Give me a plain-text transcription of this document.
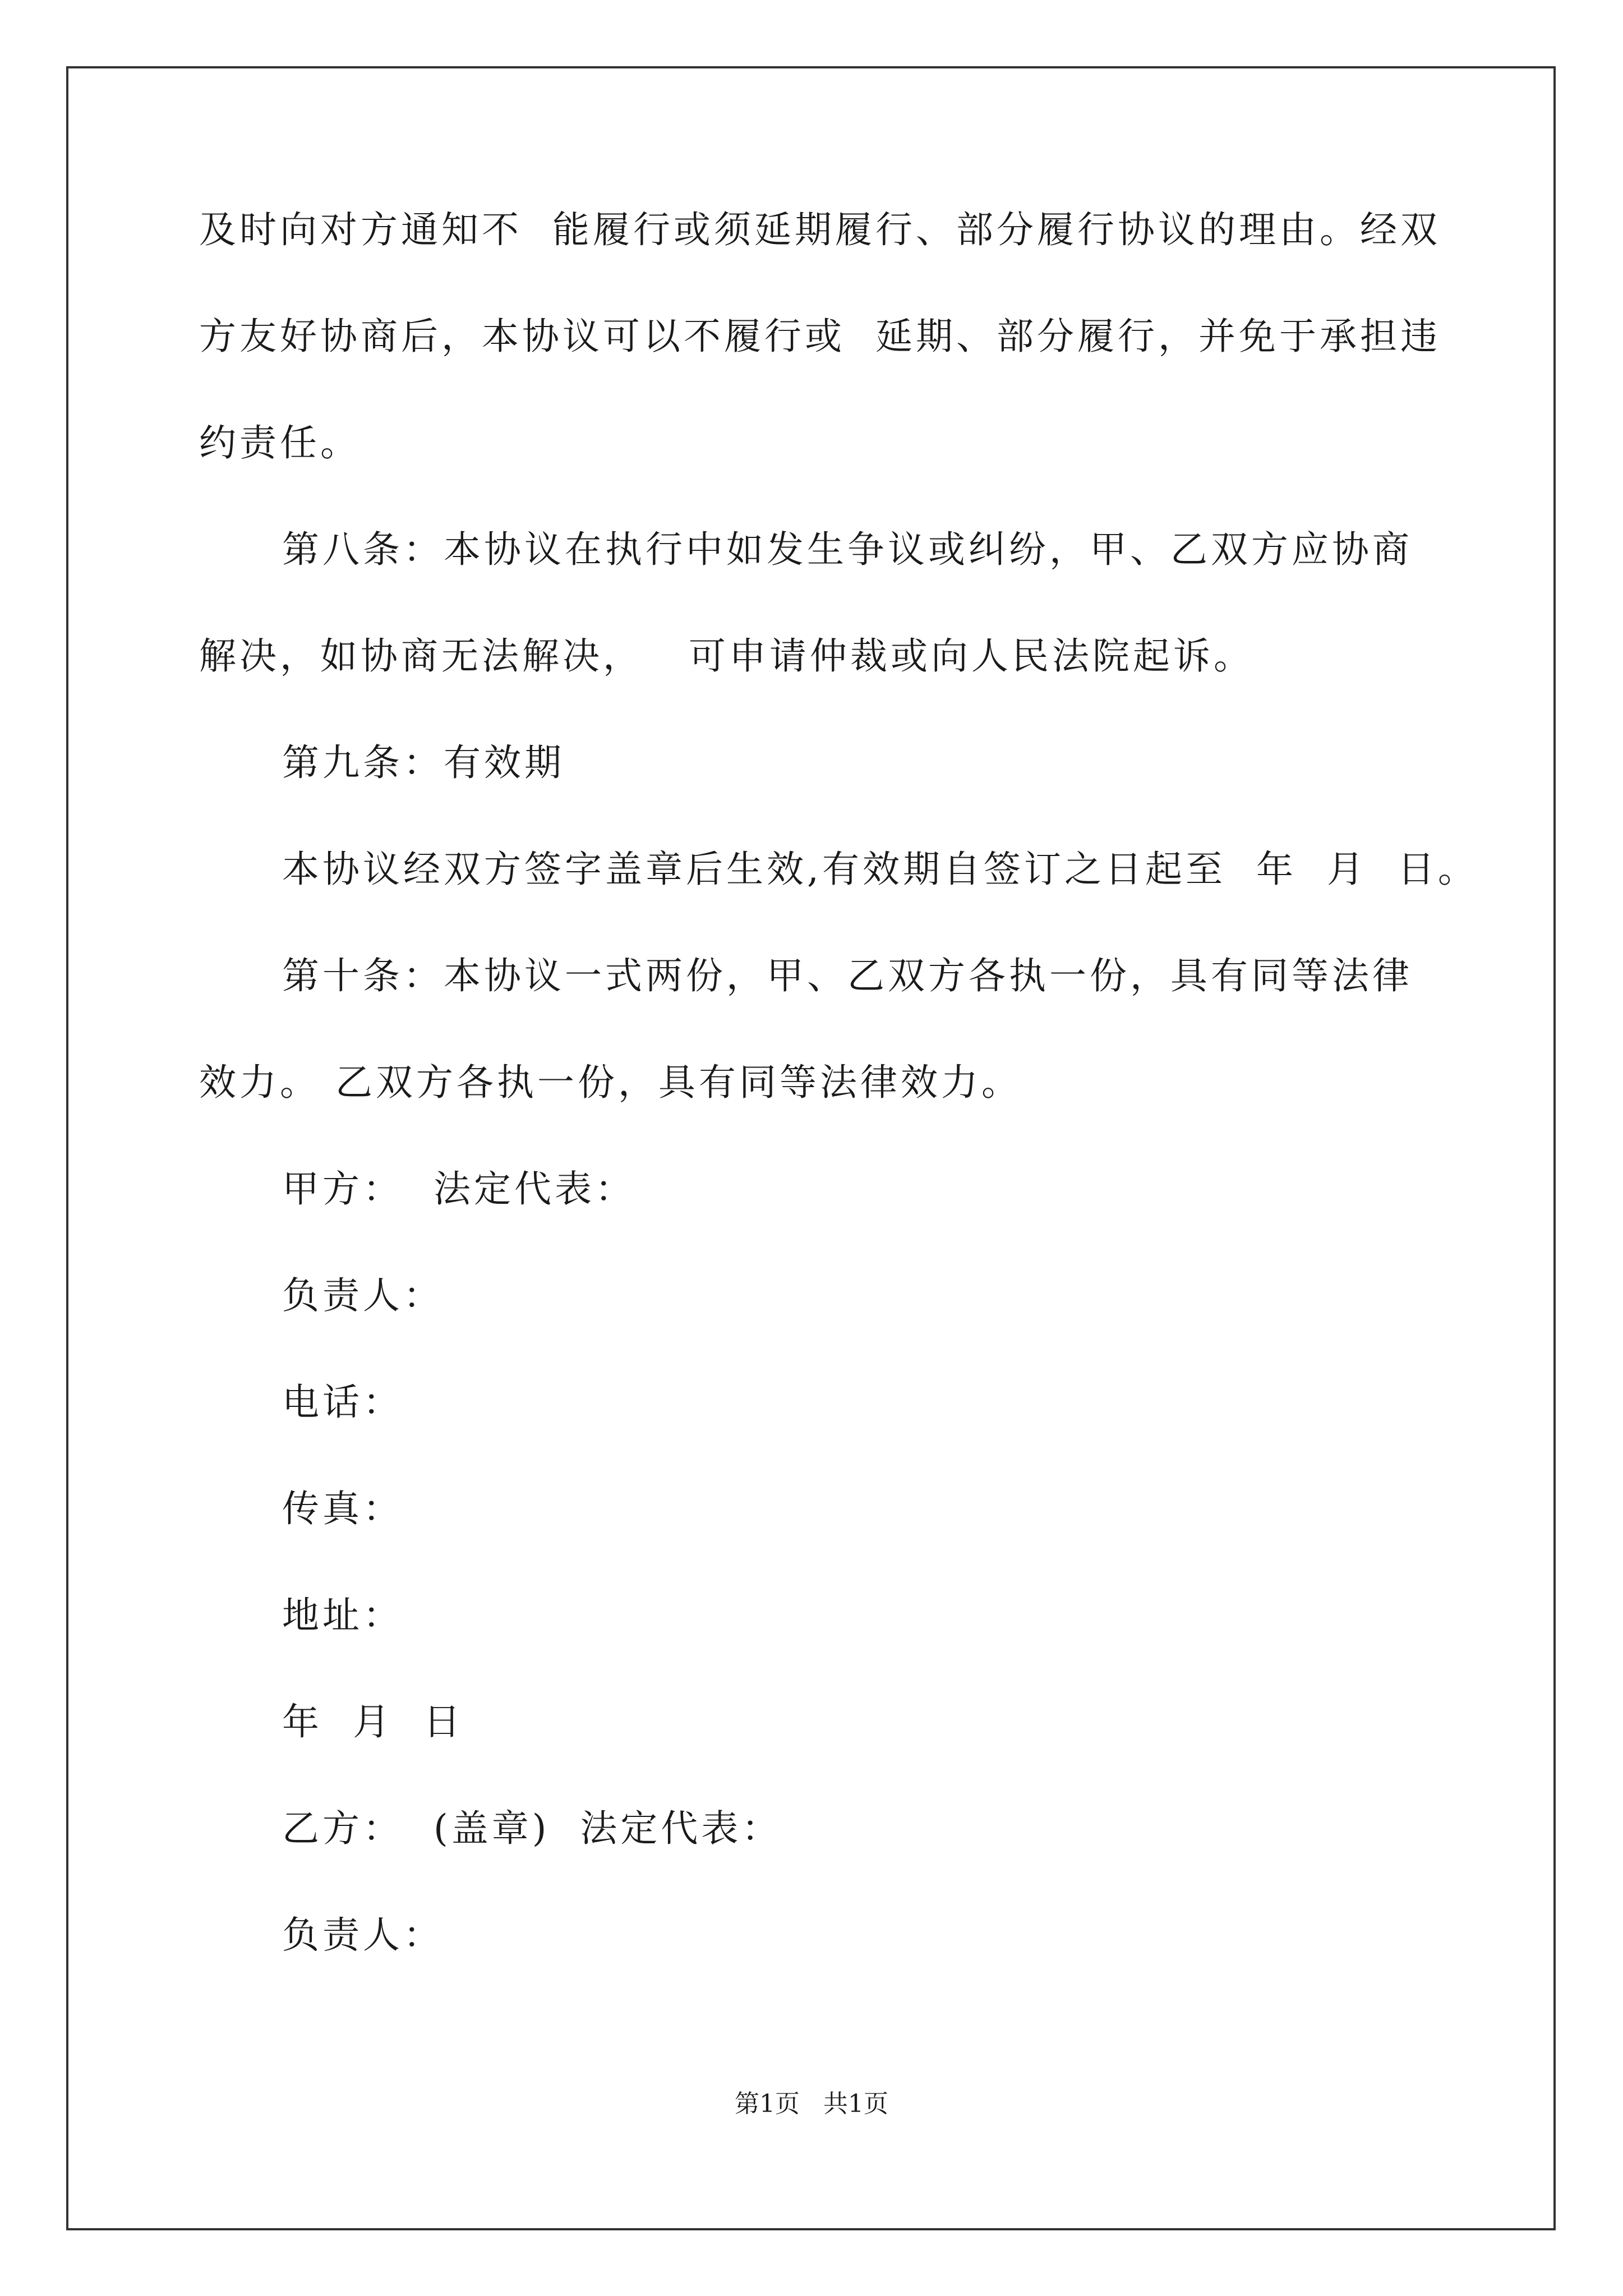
及时向对方通知不  能履行或须延期履行、部分履行协议的理由。经双
方友好协商后，本协议可以不履行或  延期、部分履行，并免于承担违
约责任。
第八条：本协议在执行中如发生争议或纠纷，甲、乙双方应协商
解决，如协商无法解决，   可申请仲裁或向人民法院起诉。
第九条：有效期
本协议经双方签字盖章后生效,有效期自签订之日起至  年  月  日。
第十条：本协议一式两份，甲、乙双方各执一份，具有同等法律
效力。 乙双方各执一份，具有同等法律效力。
甲方：  法定代表：
负责人：
电话：
传真：
地址：
年  月  日
乙方：  (盖章)  法定代表：
负责人：
第1页   共1页
